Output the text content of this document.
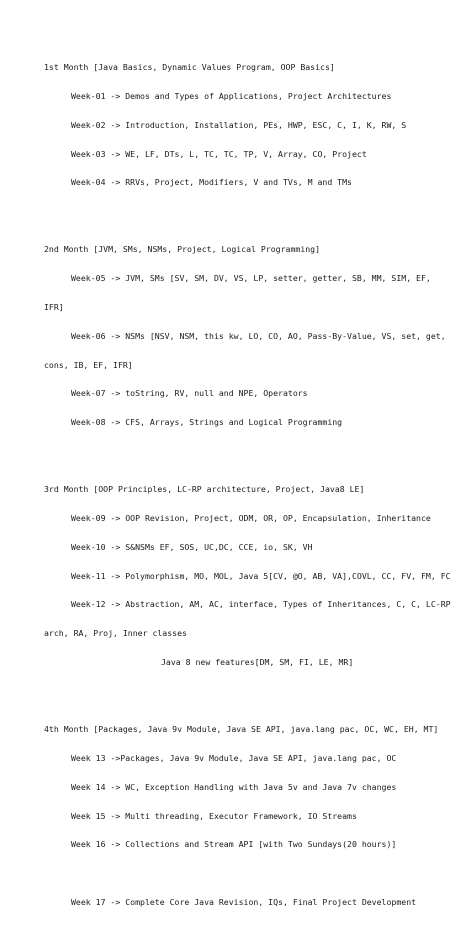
1st Month [Java Basics, Dynamic Values Program, OOP Basics]

Week-01 -> Demos and Types of Applications, Project Architectures

Week-02 -> Introduction, Installation, PEs, HWP, ESC, C, I, K, RW, S

Week-03 -> WE, LF, DTs, L, TC, TC, TP, V, Array, CO, Project

Week-04 -> RRVs, Project, Modifiers, V and TVs, M and TMs

2nd Month [JVM, SMs, NSMs, Project, Logical Programming]

Week-05 -> JVM, SMs [SV, SM, DV, VS, LP, setter, getter, SB, MM, SIM, EF,

IFR]

Week-06 -> NSMs [NSV, NSM, this kw, LO, CO, AO, Pass-By-Value, VS, set, get,

cons, IB, EF, IFR]

Week-07 -> toString, RV, null and NPE, Operators

Week-08 -> CFS, Arrays, Strings and Logical Programming

3rd Month [OOP Principles, LC-RP architecture, Project, Java8 LE]

Week-09 -> OOP Revision, Project, ODM, OR, OP, Encapsulation, Inheritance

Week-10 -> S&NSMs EF, SOS, UC,DC, CCE, io, SK, VH

Week-11 -> Polymorphism, MO, MOL, Java 5[CV, @O, AB, VA],COVL, CC, FV, FM, FC

Week-12 -> Abstraction, AM, AC, interface, Types of Inheritances, C, C, LC-RP

arch, RA, Proj, Inner classes

Java 8 new features[DM, SM, FI, LE, MR]

4th Month [Packages, Java 9v Module, Java SE API, java.lang pac, OC, WC, EH, MT]

Week 13 ->Packages, Java 9v Module, Java SE API, java.lang pac, OC

Week 14 -> WC, Exception Handling with Java 5v and Java 7v changes

Week 15 -> Multi threading, Executor Framework, IO Streams

Week 16 -> Collections and Stream API [with Two Sundays(20 hours)]

Week 17 -> Complete Core Java Revision, IQs, Final Project Development
